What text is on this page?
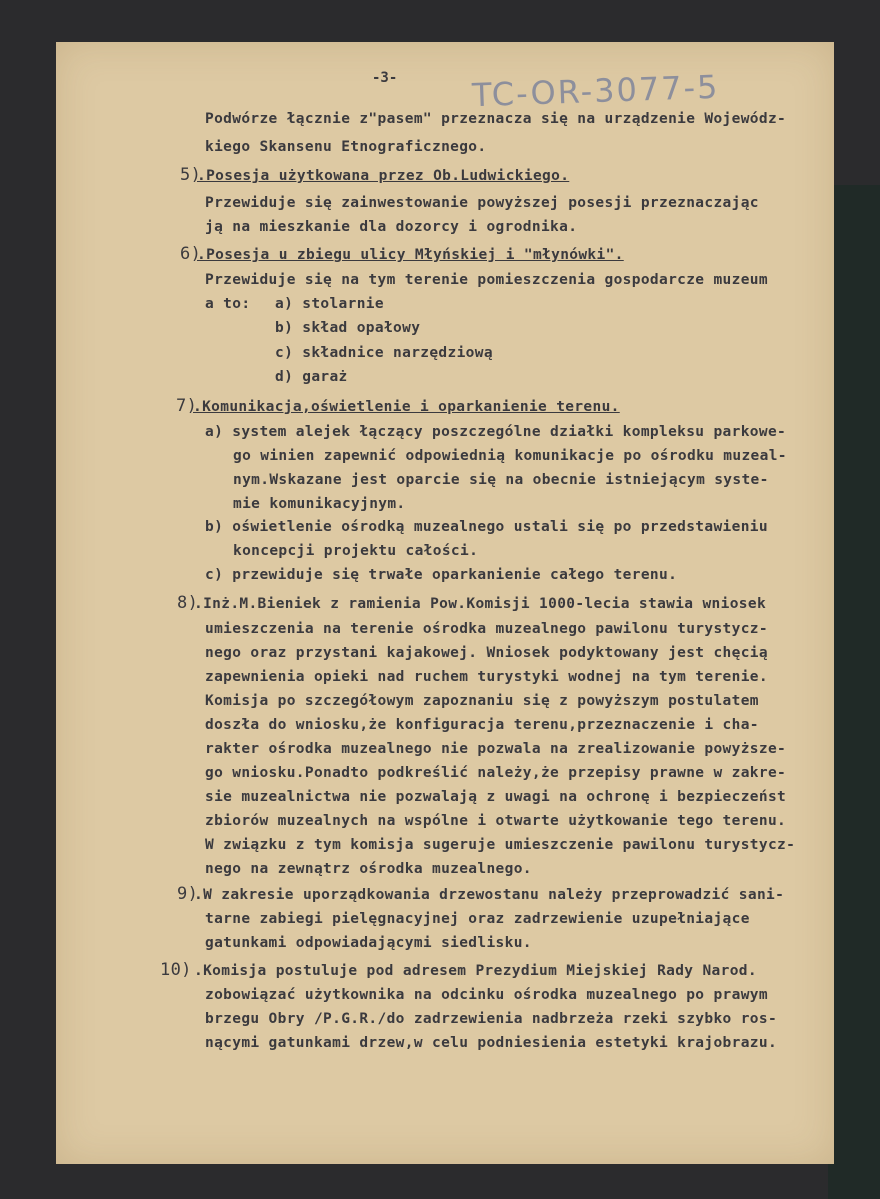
-3- TC-OR-3077-5
Podwórze łącznie z"pasem" przeznacza się na urządzenie Wojewódz-
kiego Skansenu Etnograficznego.
5)
.Posesja użytkowana przez Ob.Ludwickiego.
Przewiduje się zainwestowanie powyższej posesji przeznaczając
ją na mieszkanie dla dozorcy i ogrodnika.
6)
.Posesja u zbiegu ulicy Młyńskiej i "młynówki".
Przewiduje się na tym terenie pomieszczenia gospodarcze muzeum
a to: a) stolarnie
b) skład opałowy
c) składnice narzędziową
d) garaż
7)
.Komunikacja,oświetlenie i oparkanienie terenu.
a) system alejek łączący poszczególne działki kompleksu parkowe-
go winien zapewnić odpowiednią komunikacje po ośrodku muzeal-
nym.Wskazane jest oparcie się na obecnie istniejącym syste-
mie komunikacyjnym.
b) oświetlenie ośrodką muzealnego ustali się po przedstawieniu
koncepcji projektu całości.
c) przewiduje się trwałe oparkanienie całego terenu.
8)
.Inż.M.Bieniek z ramienia Pow.Komisji 1000-lecia stawia wniosek
umieszczenia na terenie ośrodka muzealnego pawilonu turystycz-
nego oraz przystani kajakowej. Wniosek podyktowany jest chęcią
zapewnienia opieki nad ruchem turystyki wodnej na tym terenie.
Komisja po szczegółowym zapoznaniu się z powyższym postulatem
doszła do wniosku,że konfiguracja terenu,przeznaczenie i cha-
rakter ośrodka muzealnego nie pozwala na zrealizowanie powyższe-
go wniosku.Ponadto podkreślić należy,że przepisy prawne w zakre-
sie muzealnictwa nie pozwalają z uwagi na ochronę i bezpieczeńst
zbiorów muzealnych na wspólne i otwarte użytkowanie tego terenu.
W związku z tym komisja sugeruje umieszczenie pawilonu turystycz-
nego na zewnątrz ośrodka muzealnego.
9)
.W zakresie uporządkowania drzewostanu należy przeprowadzić sani-
tarne zabiegi pielęgnacyjnej oraz zadrzewienie uzupełniające
gatunkami odpowiadającymi siedlisku.
10) .Komisja postuluje pod adresem Prezydium Miejskiej Rady Narod.
zobowiązać użytkownika na odcinku ośrodka muzealnego po prawym
brzegu Obry /P.G.R./do zadrzewienia nadbrzeża rzeki szybko ros-
nącymi gatunkami drzew,w celu podniesienia estetyki krajobrazu.
